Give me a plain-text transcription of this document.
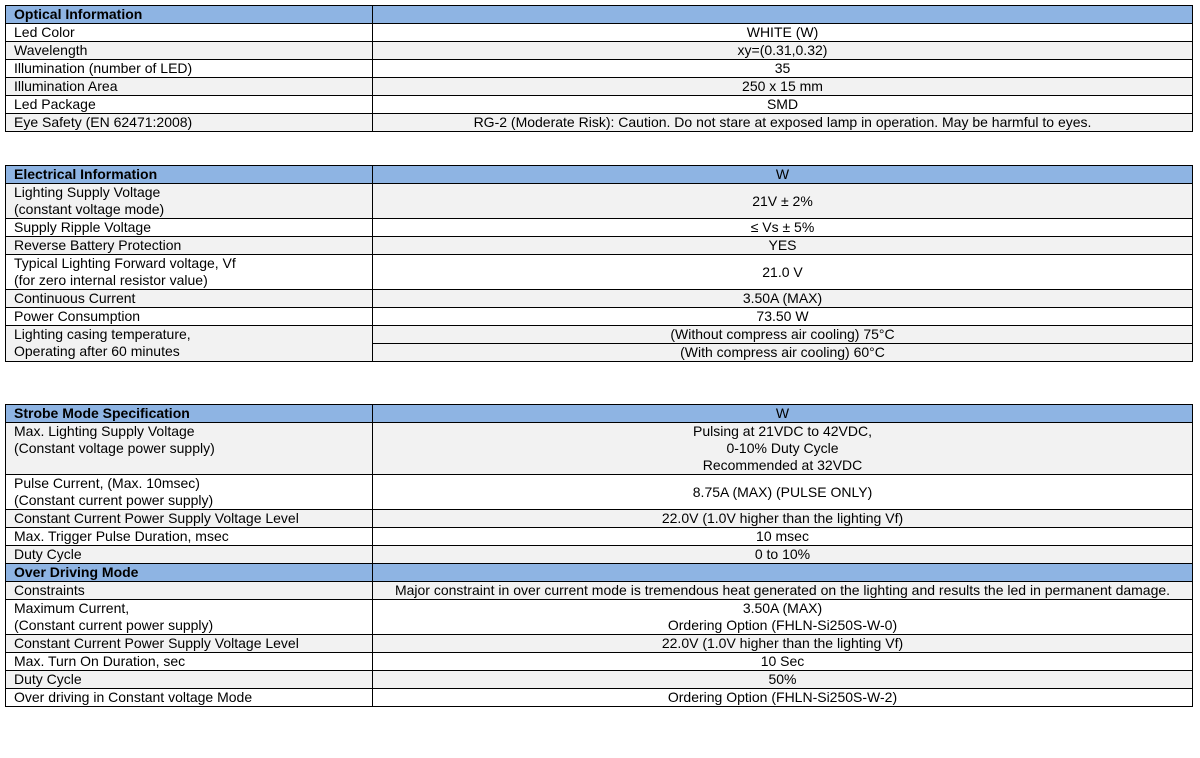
Optical Information	
Led Color	WHITE (W)
Wavelength	xy=(0.31,0.32)
Illumination (number of LED)	35
Illumination Area	250 x 15 mm
Led Package	SMD
Eye Safety (EN 62471:2008)	RG-2 (Moderate Risk): Caution. Do not stare at exposed lamp in operation. May be harmful to eyes.
Electrical Information	W

Lighting Supply Voltage
(constant voltage mode)	21V ± 2%
Supply Ripple Voltage	≤ Vs ± 5%
Reverse Battery Protection	YES

Typical Lighting Forward voltage, Vf
(for zero internal resistor value)	21.0 V
Continuous Current	3.50A (MAX)
Power Consumption	73.50 W

Lighting casing temperature,
Operating after 60 minutes	(Without compress air cooling) 75°C
	(With compress air cooling) 60°C
Strobe Mode Specification	W

Max. Lighting Supply Voltage
(Constant voltage power supply)	Pulsing at 21VDC to 42VDC,
0-10% Duty Cycle
Recommended at 32VDC

Pulse Current, (Max. 10msec)
(Constant current power supply)	8.75A (MAX) (PULSE ONLY)
Constant Current Power Supply Voltage Level	22.0V (1.0V higher than the lighting Vf)
Max. Trigger Pulse Duration, msec	10 msec
Duty Cycle	0 to 10%
Over Driving Mode	
Constraints	Major constraint in over current mode is tremendous heat generated on the lighting and results the led in permanent damage.

Maximum Current,
(Constant current power supply)	3.50A (MAX)
Ordering Option (FHLN-Si250S-W-0)

Constant Current Power Supply Voltage Level	22.0V (1.0V higher than the lighting Vf)
Max. Turn On Duration, sec	10 Sec
Duty Cycle	50%
Over driving in Constant voltage Mode	Ordering Option (FHLN-Si250S-W-2)
